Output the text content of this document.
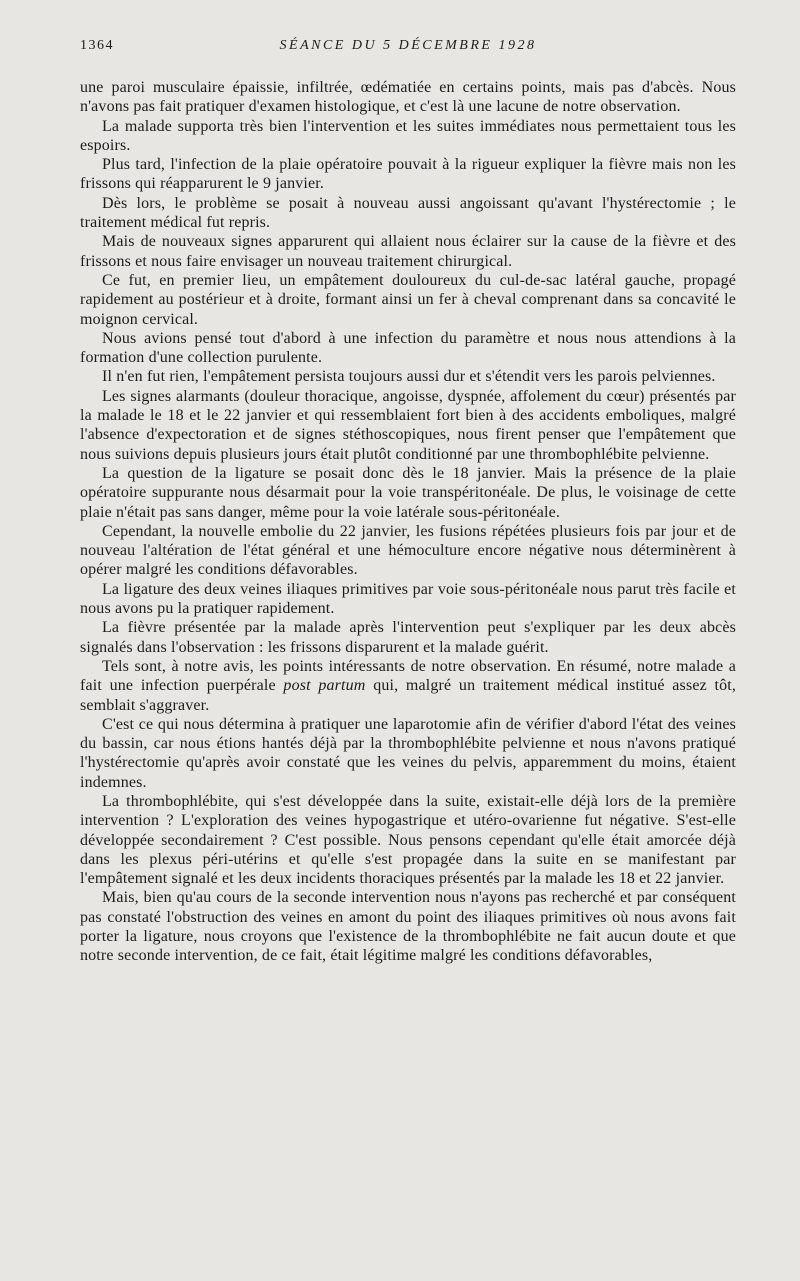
1364	SÉANCE DU 5 DÉCEMBRE 1928

une paroi musculaire épaissie, infiltrée, œdématiée en certains points, mais pas d'abcès. Nous n'avons pas fait pratiquer d'examen histologique, et c'est là une lacune de notre observation.

La malade supporta très bien l'intervention et les suites immédiates nous permettaient tous les espoirs.

Plus tard, l'infection de la plaie opératoire pouvait à la rigueur expliquer la fièvre mais non les frissons qui réapparurent le 9 janvier.

Dès lors, le problème se posait à nouveau aussi angoissant qu'avant l'hystérectomie ; le traitement médical fut repris.

Mais de nouveaux signes apparurent qui allaient nous éclairer sur la cause de la fièvre et des frissons et nous faire envisager un nouveau traitement chirurgical.

Ce fut, en premier lieu, un empâtement douloureux du cul-de-sac latéral gauche, propagé rapidement au postérieur et à droite, formant ainsi un fer à cheval comprenant dans sa concavité le moignon cervical.

Nous avions pensé tout d'abord à une infection du paramètre et nous nous attendions à la formation d'une collection purulente.

Il n'en fut rien, l'empâtement persista toujours aussi dur et s'étendit vers les parois pelviennes.

Les signes alarmants (douleur thoracique, angoisse, dyspnée, affolement du cœur) présentés par la malade le 18 et le 22 janvier et qui ressemblaient fort bien à des accidents emboliques, malgré l'absence d'expectoration et de signes stéthoscopiques, nous firent penser que l'empâtement que nous suivions depuis plusieurs jours était plutôt conditionné par une thrombophlébite pelvienne.

La question de la ligature se posait donc dès le 18 janvier. Mais la présence de la plaie opératoire suppurante nous désarmait pour la voie transpéritonéale. De plus, le voisinage de cette plaie n'était pas sans danger, même pour la voie latérale sous-péritonéale.

Cependant, la nouvelle embolie du 22 janvier, les fusions répétées plusieurs fois par jour et de nouveau l'altération de l'état général et une hémoculture encore négative nous déterminèrent à opérer malgré les conditions défavorables.

La ligature des deux veines iliaques primitives par voie sous-péritonéale nous parut très facile et nous avons pu la pratiquer rapidement.

La fièvre présentée par la malade après l'intervention peut s'expliquer par les deux abcès signalés dans l'observation : les frissons disparurent et la malade guérit.

Tels sont, à notre avis, les points intéressants de notre observation. En résumé, notre malade a fait une infection puerpérale post partum qui, malgré un traitement médical institué assez tôt, semblait s'aggraver.

C'est ce qui nous détermina à pratiquer une laparotomie afin de vérifier d'abord l'état des veines du bassin, car nous étions hantés déjà par la thrombophlébite pelvienne et nous n'avons pratiqué l'hystérectomie qu'après avoir constaté que les veines du pelvis, apparemment du moins, étaient indemnes.

La thrombophlébite, qui s'est développée dans la suite, existait-elle déjà lors de la première intervention ? L'exploration des veines hypogastrique et utéro-ovarienne fut négative. S'est-elle développée secondairement ? C'est possible. Nous pensons cependant qu'elle était amorcée déjà dans les plexus péri-utérins et qu'elle s'est propagée dans la suite en se manifestant par l'empâtement signalé et les deux incidents thoraciques présentés par la malade les 18 et 22 janvier.

Mais, bien qu'au cours de la seconde intervention nous n'ayons pas recherché et par conséquent pas constaté l'obstruction des veines en amont du point des iliaques primitives où nous avons fait porter la ligature, nous croyons que l'existence de la thrombophlébite ne fait aucun doute et que notre seconde intervention, de ce fait, était légitime malgré les conditions défavorables,
